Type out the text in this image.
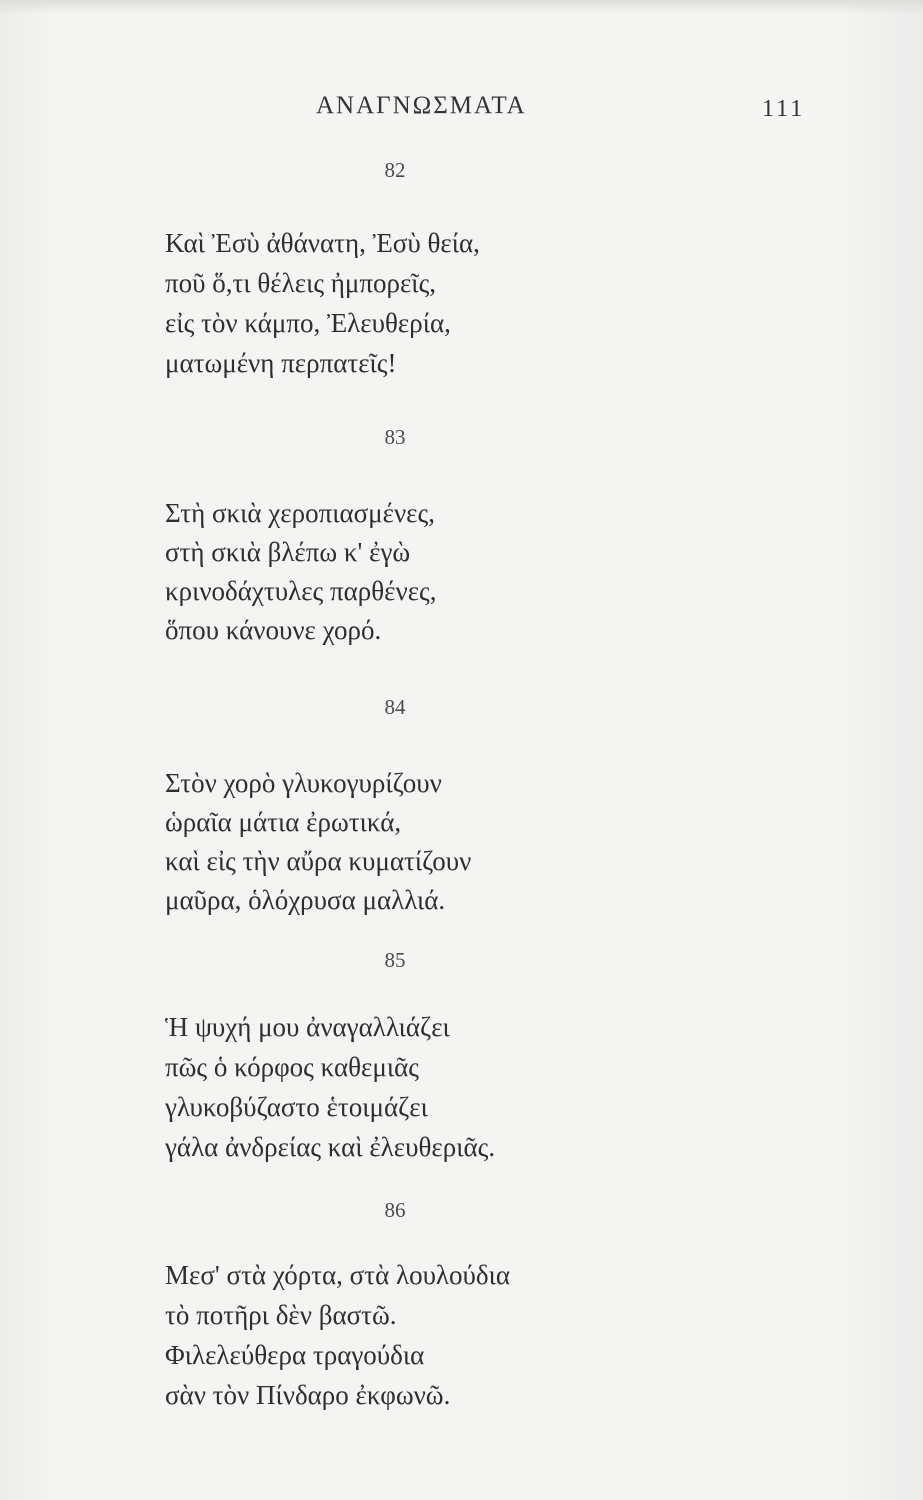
ΑΝΑΓΝΩΣΜΑΤΑ	111
82
Καὶ Ἐσὺ ἀθάνατη, Ἐσὺ θεία,
ποῦ ὅ,τι θέλεις ἠμπορεῖς,
εἰς τὸν κάμπο, Ἐλευθερία,
ματωμένη περπατεῖς!
83
Στὴ σκιὰ χεροπιασμένες,
στὴ σκιὰ βλέπω κ' ἐγὼ
κρινοδάχτυλες παρθένες,
ὅπου κάνουνε χορό.
84
Στὸν χορὸ γλυκογυρίζουν
ὡραῖα μάτια ἐρωτικά,
καὶ εἰς τὴν αὔρα κυματίζουν
μαῦρα, ὁλόχρυσα μαλλιά.
85
Ἡ ψυχή μου ἀναγαλλιάζει
πῶς ὁ κόρφος καθεμιᾶς
γλυκοβύζαστο ἑτοιμάζει
γάλα ἀνδρείας καὶ ἐλευθεριᾶς.
86
Μεσ' στὰ χόρτα, στὰ λουλούδια
τὸ ποτῆρι δὲν βαστῶ.
Φιλελεύθερα τραγούδια
σὰν τὸν Πίνδαρο ἐκφωνῶ.
